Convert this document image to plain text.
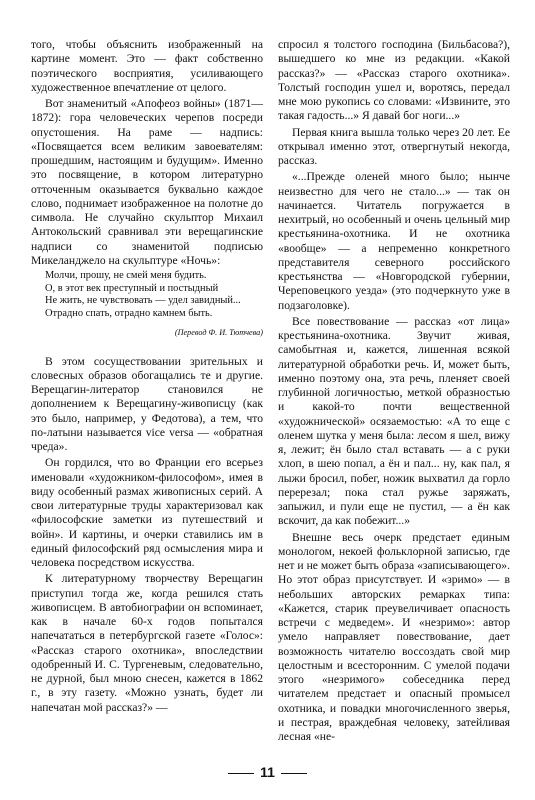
того, чтобы объяснить изображенный на картине момент. Это — факт собственно поэтического восприятия, усиливающего художественное впечатление от целого.

Вот знаменитый «Апофеоз войны» (1871—1872): гора человеческих черепов посреди опустошения. На раме — надпись: «Посвящается всем великим завоевателям: прошедшим, настоящим и будущим». Именно это посвящение, в котором литературно отточенным оказывается буквально каждое слово, поднимает изображенное на полотне до символа. Не случайно скульптор Михаил Антокольский сравнивал эти верещагинские надписи со знаменитой подписью Микеланджело на скульптуре «Ночь»:

Молчи, прошу, не смей меня будить.
О, в этот век преступный и постыдный
Не жить, не чувствовать — удел завидный...
Отрадно спать, отрадно камнем быть.
(Перевод Ф. И. Тютчева)

В этом сосуществовании зрительных и словесных образов обогащались те и другие. Верещагин-литератор становился не дополнением к Верещагину-живописцу (как это было, например, у Федотова), а тем, что по-латыни называется vice versa — «обратная чреда».

Он гордился, что во Франции его всерьез именовали «художником-философом», имея в виду особенный размах живописных серий. А свои литературные труды характеризовал как «философские заметки из путешествий и войн». И картины, и очерки ставились им в единый философский ряд осмысления мира и человека посредством искусства.

К литературному творчеству Верещагин приступил тогда же, когда решился стать живописцем. В автобиографии он вспоминает, как в начале 60-х годов попытался напечататься в петербургской газете «Голос»: «Рассказ старого охотника», впоследствии одобренный И. С. Тургеневым, следовательно, не дурной, был мною снесен, кажется в 1862 г., в эту газету. «Можно узнать, будет ли напечатан мой рассказ?» —

спросил я толстого господина (Бильбасова?), вышедшего ко мне из редакции. «Какой рассказ?» — «Рассказ старого охотника». Толстый господин ушел и, воротясь, передал мне мою рукопись со словами: «Извините, это такая гадость...» Я давай бог ноги...»

Первая книга вышла только через 20 лет. Ее открывал именно этот, отвергнутый некогда, рассказ.

«...Прежде оленей много было; нынче неизвестно для чего не стало...» — так он начинается. Читатель погружается в нехитрый, но особенный и очень цельный мир крестьянина-охотника. И не охотника «вообще» — а непременно конкретного представителя северного российского крестьянства — «Новгородской губернии, Череповецкого уезда» (это подчеркнуто уже в подзаголовке).

Все повествование — рассказ «от лица» крестьянина-охотника. Звучит живая, самобытная и, кажется, лишенная всякой литературной обработки речь. И, может быть, именно поэтому она, эта речь, пленяет своей глубинной логичностью, меткой образностью и какой-то почти вещественной «художнической» осязаемостью: «А то еще с оленем шутка у меня была: лесом я шел, вижу я, лежит; ён было стал вставать — а с руки хлоп, в шею попал, а ён и пал... ну, как пал, я лыжи бросил, побег, ножик выхватил да горло перерезал; пока стал ружье заряжать, запыжил, и пули еще не пустил, — а ён как вскочит, да как побежит...»

Внешне весь очерк предстает единым монологом, некоей фольклорной записью, где нет и не может быть образа «записывающего». Но этот образ присутствует. И «зримо» — в небольших авторских ремарках типа: «Кажется, старик преувеличивает опасность встречи с медведем». И «незримо»: автор умело направляет повествование, дает возможность читателю воссоздать свой мир целостным и всесторонним. С умелой подачи этого «незримого» собеседника перед читателем предстает и опасный промысел охотника, и повадки многочисленного зверья, и пестрая, враждебная человеку, затейливая лесная «не-

11
